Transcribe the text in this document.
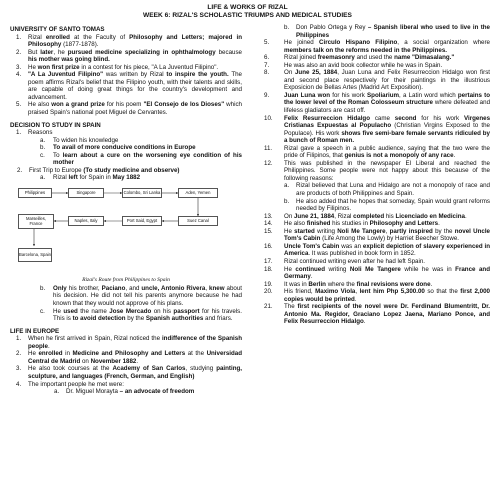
LIFE & WORKS OF RIZAL
WEEK 6: RIZAL'S SCHOLASTIC TRIUMPS AND MEDICAL STUDIES
UNIVERSITY OF SANTO TOMAS
1.	Rizal enrolled at the Faculty of Philosophy and Letters; majored in Philosophy (1877-1878).
2.	But later, he pursued medicine specializing in ophthalmology because his mother was going blind.
3.	He won first prize in a contest for his piece, "A La Juventud Filipino".
4.	"A La Juventud Filipino" was written by Rizal to inspire the youth. The poem affirms Rizal's belief that the Filipino youth, with their talents and skills, are capable of doing great things for the country's development and advancement.
5.	He also won a grand prize for his poem "El Consejo de los Dioses" which praised Spain's national poet Miguel de Cervantes.
DECISION TO STUDY IN SPAIN
1.	Reasons
a.	To widen his knowledge
b.	To avail of more conducive conditions in Europe
c.	To learn about a cure on the worsening eye condition of his mother
2.	First Trip to Europe (To study medicine and observe)
a.	Rizal left for Spain in May 1882
Philippines	Singapore	Colombo, Sri Lanka	Aden, Yemen
Marseilles, France
Naples, Italy	Port Said, Egypt	Suez Canal
Barcelona, Spain
Rizal's Route from Philippines to Spain
b.	Only his brother, Paciano, and uncle, Antonio Rivera, knew about his decision. He did not tell his parents anymore because he had known that they would not approve of his plans.
c.	He used the name Jose Mercado on his passport for his travels. This is to avoid detection by the Spanish authorities and friars.
LIFE IN EUROPE
1.	When he first arrived in Spain, Rizal noticed the indifference of the Spanish people.
2.	He enrolled in Medicine and Philosophy and Letters at the Universidad Central de Madrid on November 1882.
3.	He also took courses at the Academy of San Carlos, studying painting, sculpture, and languages (French, German, and English)
4.	The important people he met were:
a.	Dr. Miguel Morayta – an advocate of freedom
b.	Don Pablo Ortega y Rey – Spanish liberal who used to live in the Philippines
5.	He joined Circulo Hispano Filipino, a social organization where members talk on the reforms needed in the Philippines.
6.	Rizal joined freemasonry and used the name "Dimasalang."
7.	He was also an avid book collector while he was in Spain.
8.	On June 25, 1884, Juan Luna and Felix Resurreccion Hidalgo won first and second place respectively for their paintings in the illustrious Exposicion de Bellas Artes (Madrid Art Exposition).
9.	Juan Luna won for his work Spoliarium, a Latin word which pertains to the lower level of the Roman Colosseum structure where defeated and lifeless gladiators are cast off.
10.	Felix Resurreccion Hidalgo came second for his work Virgenes Cristianas Expuestas al Populacho (Christian Virgins Exposed to the Populace). His work shows five semi-bare female servants ridiculed by a bunch of Roman men.
11.	Rizal gave a speech in a public audience, saying that the two were the pride of Filipinos, that genius is not a monopoly of any race.
12.	This was published in the newspaper El Liberal and reached the Philippines. Some people were not happy about this because of the following reasons:
a.	Rizal believed that Luna and Hidalgo are not a monopoly of race and are products of both Philippines and Spain.
b.	He also added that he hopes that someday, Spain would grant reforms needed by Filipinos.
13.	On June 21, 1884, Rizal completed his Licenciado en Medicina.
14.	He also finished his studies in Philosophy and Letters.
15.	He started writing Noli Me Tangere, partly inspired by the novel Uncle Tom's Cabin (Life Among the Lowly) by Harriet Beecher Stowe.
16.	Uncle Tom's Cabin was an explicit depiction of slavery experienced in America. It was published in book form in 1852.
17.	Rizal continued writing even after he had left Spain.
18.	He continued writing Noli Me Tangere while he was in France and Germany.
19.	It was in Berlin where the final revisions were done.
20.	His friend, Maximo Viola, lent him Php 5,300.00 so that the first 2,000 copies would be printed.
21.	The first recipients of the novel were Dr. Ferdinand Blumentritt, Dr. Antonio Ma. Regidor, Graciano Lopez Jaena, Mariano Ponce, and Felix Resurreccion Hidalgo.
